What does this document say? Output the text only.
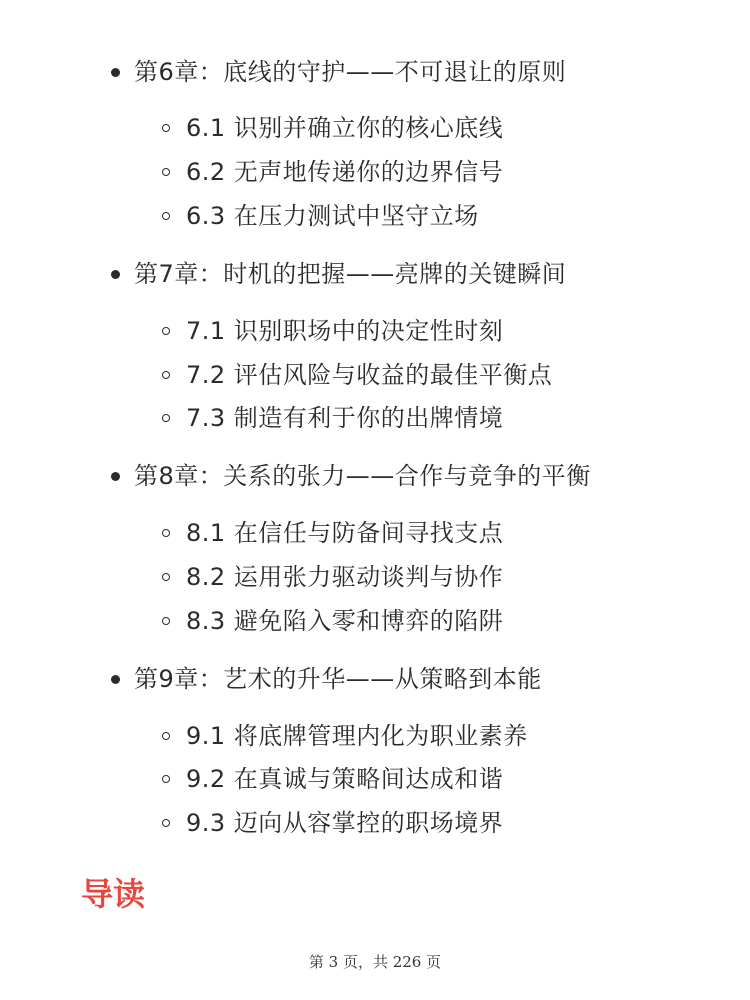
第6章：底线的守护——不可退让的原则
6.1 识别并确立你的核心底线
6.2 无声地传递你的边界信号
6.3 在压力测试中坚守立场
第7章：时机的把握——亮牌的关键瞬间
7.1 识别职场中的决定性时刻
7.2 评估风险与收益的最佳平衡点
7.3 制造有利于你的出牌情境
第8章：关系的张力——合作与竞争的平衡
8.1 在信任与防备间寻找支点
8.2 运用张力驱动谈判与协作
8.3 避免陷入零和博弈的陷阱
第9章：艺术的升华——从策略到本能
9.1 将底牌管理内化为职业素养
9.2 在真诚与策略间达成和谐
9.3 迈向从容掌控的职场境界
导读
第 3 页，共 226 页
